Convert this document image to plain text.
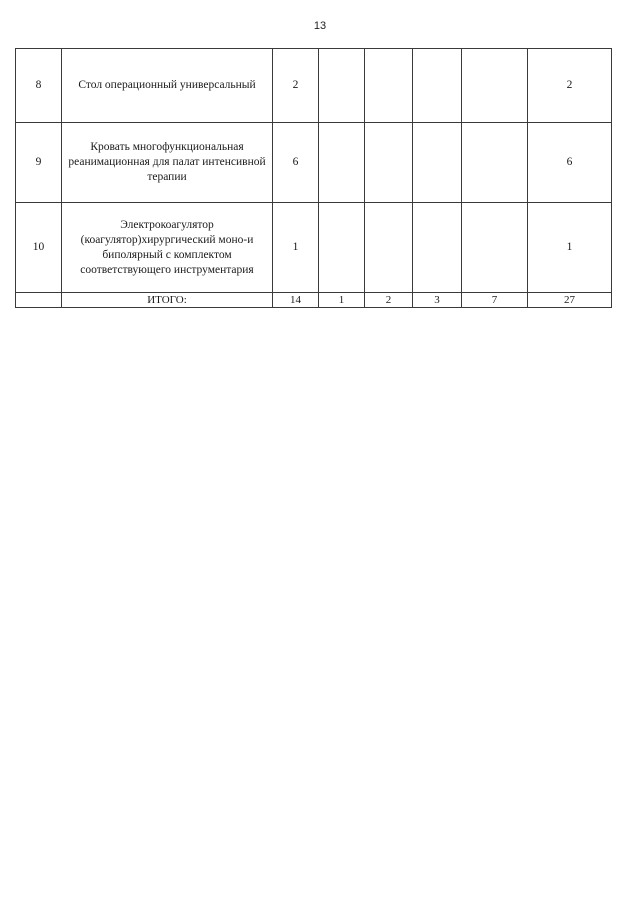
13
8	Стол операционный универсальный	2					2
9	Кровать многофункциональная реанимационная для палат интенсивной терапии	6					6
10	Электрокоагулятор (коагулятор)хирургический моно-и биполярный с комплектом соответствующего инструментария	1					1
	ИТОГО:	14	1	2	3	7	27
